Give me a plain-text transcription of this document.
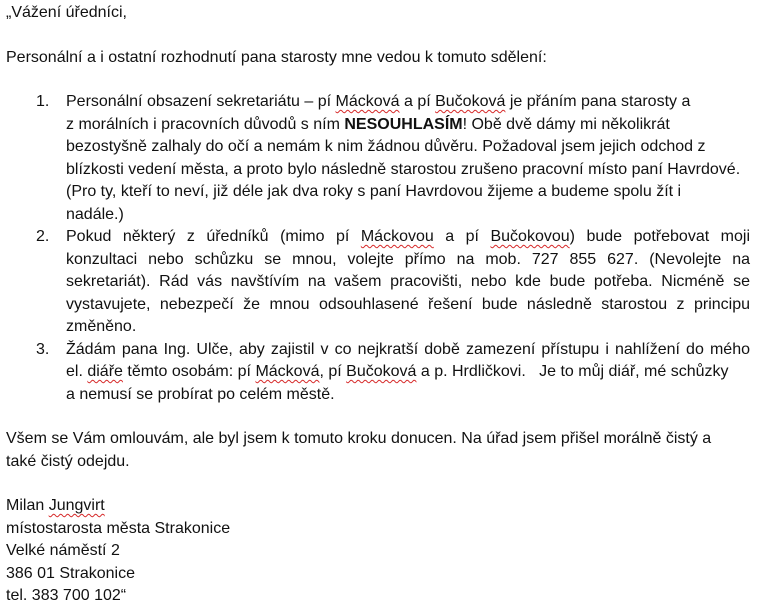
„Vážení úředníci,

Personální a i ostatní rozhodnutí pana starosty mne vedou k tomuto sdělení:

1. Personální obsazení sekretariátu – pí Mácková a pí Bučoková je přáním pana starosty a

z morálních i pracovních důvodů s ním NESOUHLASÍM! Obě dvě dámy mi několikrát

bezostyšně zalhaly do očí a nemám k nim žádnou důvěru. Požadoval jsem jejich odchod z

blízkosti vedení města, a proto bylo následně starostou zrušeno pracovní místo paní Havrdové.

(Pro ty, kteří to neví, již déle jak dva roky s paní Havrdovou žijeme a budeme spolu žít i

nadále.)

2. Pokud některý z úředníků (mimo pí Máckovou a pí Bučokovou) bude potřebovat moji

konzultaci nebo schůzku se mnou, volejte přímo na mob. 727 855 627. (Nevolejte na

sekretariát). Rád vás navštívím na vašem pracovišti, nebo kde bude potřeba. Nicméně se

vystavujete, nebezpečí že mnou odsouhlasené řešení bude následně starostou z principu

změněno.

3. Žádám pana Ing. Ulče, aby zajistil v co nejkratší době zamezení přístupu i nahlížení do mého

el. diáře těmto osobám: pí Mácková, pí Bučoková a p. Hrdličkovi.   Je to můj diář, mé schůzky

a nemusí se probírat po celém městě.

Všem se Vám omlouvám, ale byl jsem k tomuto kroku donucen. Na úřad jsem přišel morálně čistý a

také čistý odejdu.

Milan Jungvirt

místostarosta města Strakonice

Velké náměstí 2

386 01 Strakonice

tel. 383 700 102“
